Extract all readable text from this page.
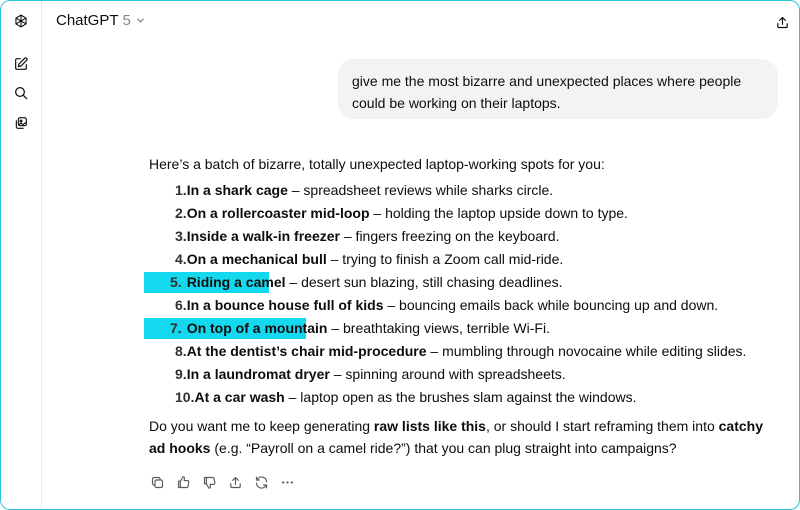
ChatGPT 5
give me the most bizarre and unexpected places where people could be working on their laptops.

Here’s a batch of bizarre, totally unexpected laptop-working spots for you:

1.In a shark cage – spreadsheet reviews while sharks circle.
2.On a rollercoaster mid-loop – holding the laptop upside down to type.
3.Inside a walk-in freezer – fingers freezing on the keyboard.
4.On a mechanical bull – trying to finish a Zoom call mid-ride.
5. Riding a camel – desert sun blazing, still chasing deadlines.
6.In a bounce house full of kids – bouncing emails back while bouncing up and down.
7. On top of a mountain – breathtaking views, terrible Wi-Fi.
8.At the dentist’s chair mid-procedure – mumbling through novocaine while editing slides.
9.In a laundromat dryer – spinning around with spreadsheets.
10.At a car wash – laptop open as the brushes slam against the windows.

Do you want me to keep generating raw lists like this, or should I start reframing them into catchy ad hooks (e.g. “Payroll on a camel ride?”) that you can plug straight into campaigns?
